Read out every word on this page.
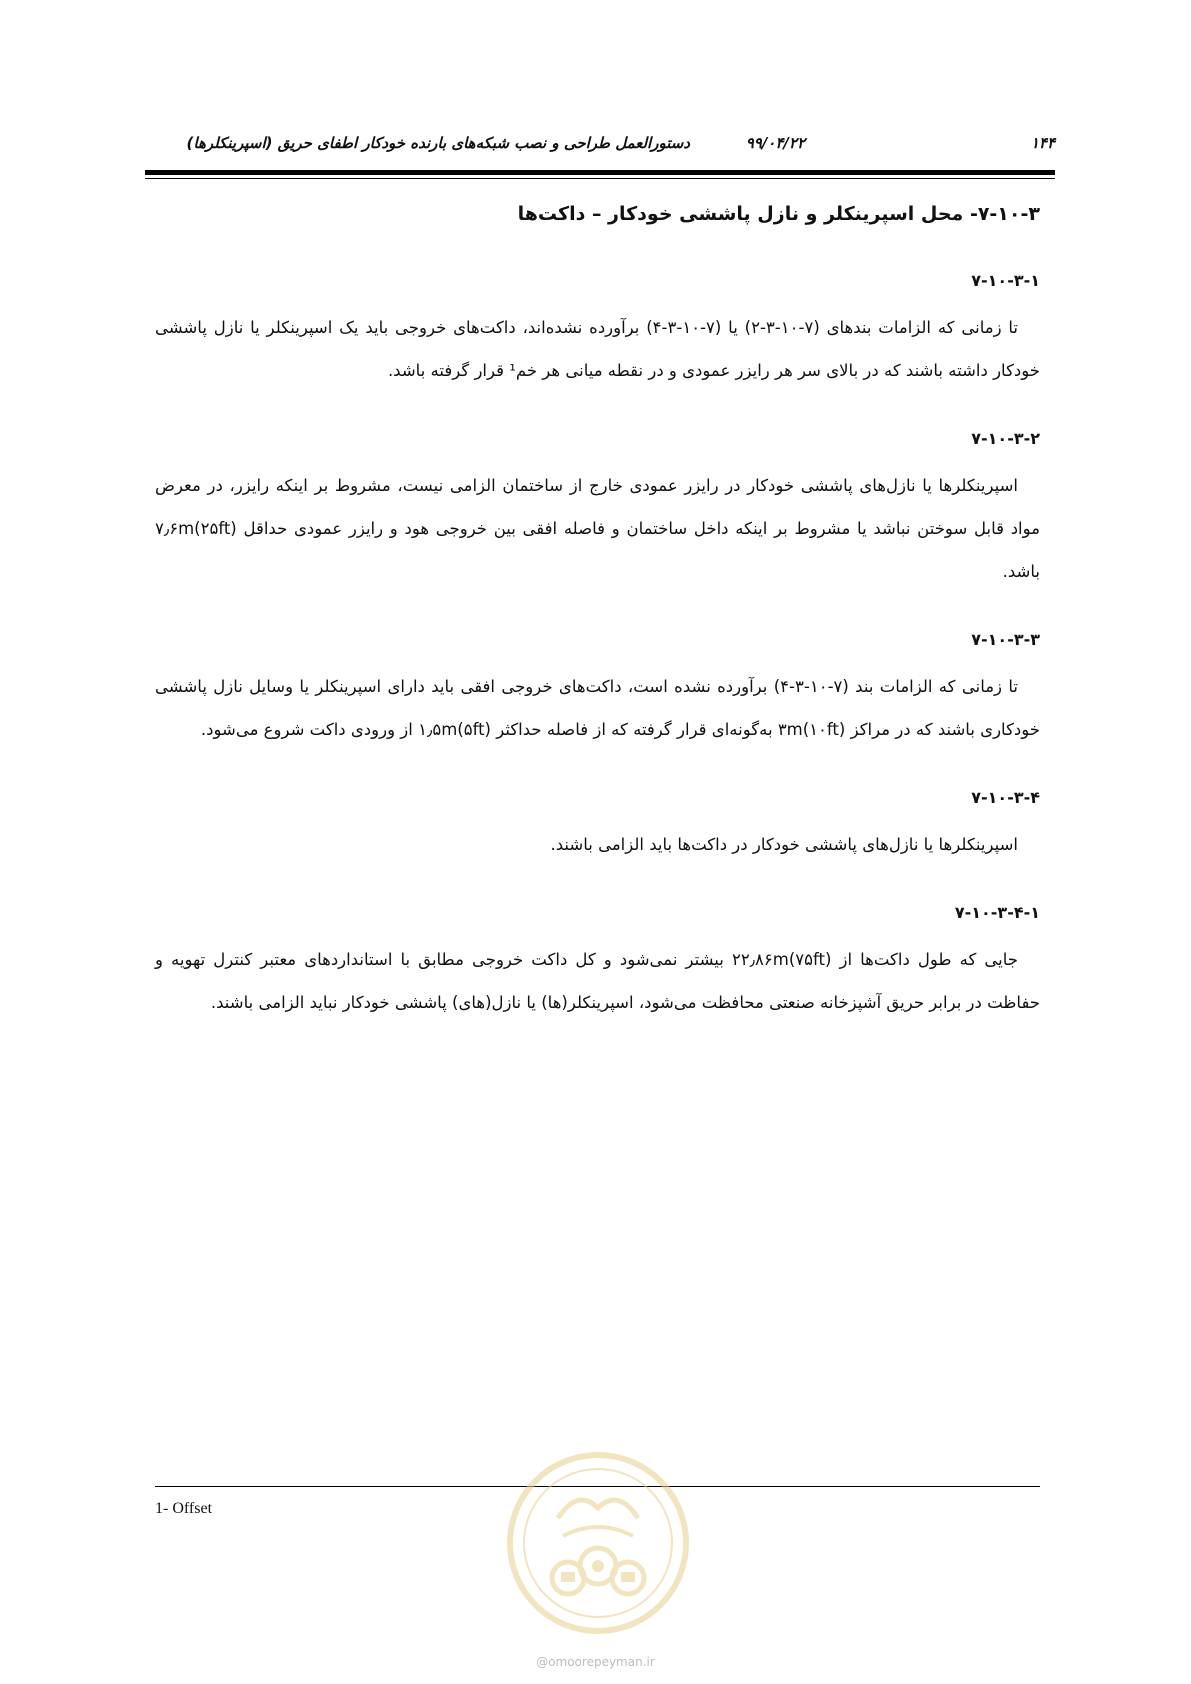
دستورالعمل طراحی و نصب شبکه‌های بارنده خودکار اطفای حریق (اسپرینکلرها)	۹۹/۰۴/۲۲	۱۴۴
۷-۱۰-۳- محل اسپرینکلر و نازل پاششی خودکار – داکت‌ها
۷-۱۰-۳-۱

تا زمانی که الزامات بندهای (۷-۱۰-۳-۲) یا (۷-۱۰-۳-۴) برآورده نشده‌اند، داکت‌های خروجی باید یک اسپرینکلر یا نازل پاششی خودکار داشته باشند که در بالای سر هر رایزر عمودی و در نقطه میانی هر خم¹ قرار گرفته باشد.

۷-۱۰-۳-۲

اسپرینکلرها یا نازل‌های پاششی خودکار در رایزر عمودی خارج از ساختمان الزامی نیست، مشروط بر اینکه رایزر، در معرض مواد قابل سوختن نباشد یا مشروط بر اینکه داخل ساختمان و فاصله افقی بین خروجی هود و رایزر عمودی حداقل ۷٫۶m(۲۵ft) باشد.

۷-۱۰-۳-۳

تا زمانی که الزامات بند (۷-۱۰-۳-۴) برآورده نشده است، داکت‌های خروجی افقی باید دارای اسپرینکلر یا وسایل نازل پاششی خودکاری باشند که در مراکز ۳m(۱۰ft) به‌گونه‌ای قرار گرفته که از فاصله حداکثر ۱٫۵m(۵ft) از ورودی داکت شروع می‌شود.

۷-۱۰-۳-۴

اسپرینکلرها یا نازل‌های پاششی خودکار در داکت‌ها باید الزامی باشند.

۷-۱۰-۳-۴-۱

جایی که طول داکت‌ها از ۲۲٫۸۶m(۷۵ft) بیشتر نمی‌شود و کل داکت خروجی مطابق با استانداردهای معتبر کنترل تهویه و حفاظت در برابر حریق آشپزخانه صنعتی محافظت می‌شود، اسپرینکلر(ها) یا نازل(های) پاششی خودکار نباید الزامی باشند.

1- Offset
@omoorepeyman.ir
